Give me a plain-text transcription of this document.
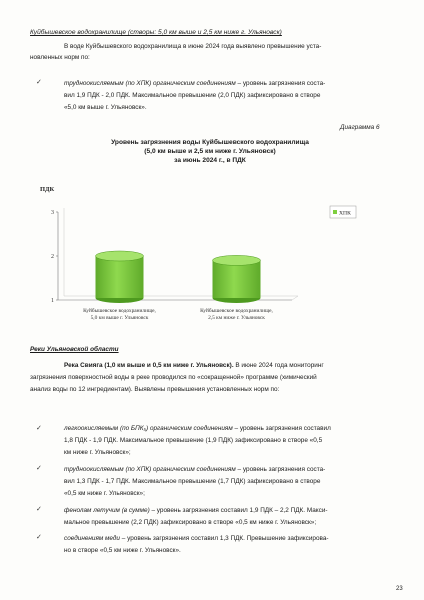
Куйбышевское водохранилище (створы: 5,0 км выше и 2,5 км ниже г. Ульяновск)
В воде Куйбышевского водохранилища в июне 2024 года выявлено превышение уста-
новленных норм по:
✓	трудноокисляемым (по ХПК) органическим соединениям – уровень загрязнения соста-
вил 1,9 ПДК - 2,0 ПДК. Максимальное превышение (2,0 ПДК) зафиксировано в створе
«5,0 км выше г. Ульяновск».
Диаграмма 6
Уровень загрязнения воды Куйбышевского водохранилища
(5,0 км выше и 2,5 км ниже г. Ульяновск)
за июнь 2024 г., в ПДК
ПДК
1
2
3
Куйбышевское водохранилище,
5,0 км выше г. Ульяновск
Куйбышевское водохранилище,
2,5 км ниже г. Ульяновск
ХПК
Реки Ульяновской области
Река Свияга (1,0 км выше и 0,5 км ниже г. Ульяновск). В июне 2024 года мониторинг
загрязнения поверхностной воды в реке проводился по «сокращенной» программе (химический
анализ воды по 12 ингредиентам). Выявлены превышения установленных норм по:
✓	легкоокисляемым (по БПК₅) органическим соединениям – уровень загрязнения составил
1,8 ПДК - 1,9 ПДК. Максимальное превышение (1,9 ПДК) зафиксировано в створе «0,5
км ниже г. Ульяновск»;
✓	трудноокисляемым (по ХПК) органическим соединениям – уровень загрязнения соста-
вил 1,3 ПДК - 1,7 ПДК. Максимальное превышение (1,7 ПДК) зафиксировано в створе
«0,5 км ниже г. Ульяновск»;
✓	фенолам летучим (в сумме) – уровень загрязнения составил 1,9 ПДК – 2,2 ПДК. Макси-
мальное превышение (2,2 ПДК) зафиксировано в створе «0,5 км ниже г. Ульяновск»;
✓	соединениям меди – уровень загрязнения составил 1,3 ПДК. Превышение зафиксирова-
но в створе «0,5 км ниже г. Ульяновск».
23
